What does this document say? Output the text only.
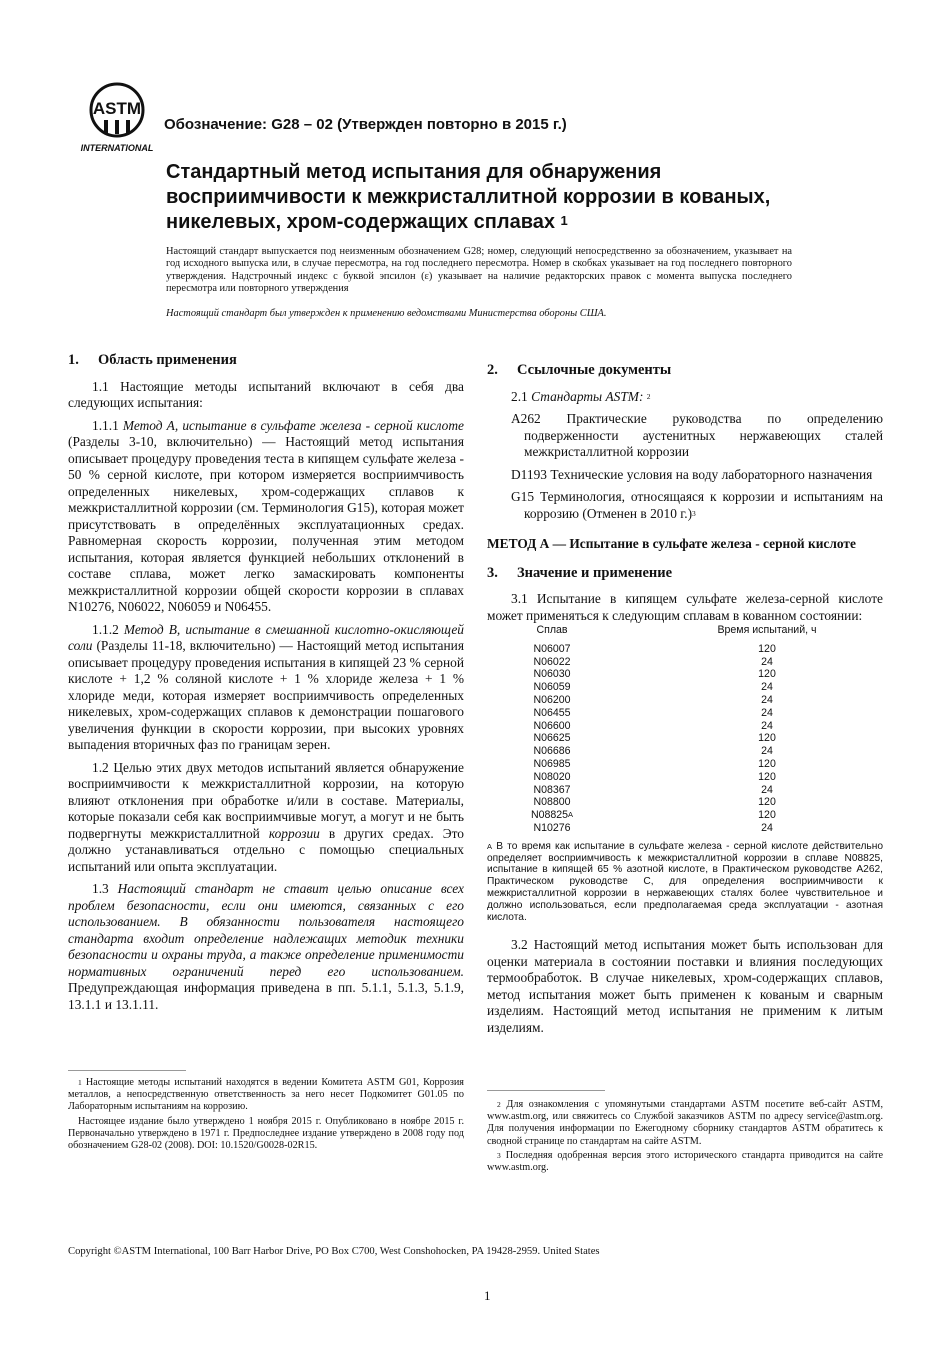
ASTM
INTERNATIONAL
Обозначение: G28 – 02 (Утвержден повторно в 2015 г.)
Стандартный метод испытания для обнаружения восприимчивости к межкристаллитной коррозии в кованых, никелевых, хром-содержащих сплавах $^1$
Настоящий стандарт выпускается под неизменным обозначением G28; номер, следующий непосредственно за обозначением, указывает на год исходного выпуска или, в случае пересмотра, на год последнего пересмотра. Номер в скобках указывает на год последнего повторного утверждения. Надстрочный индекс с буквой эпсилон (ε) указывает на наличие редакторских правок с момента выпуска последнего пересмотра или повторного утверждения
Настоящий стандарт был утвержден к применению ведомствами Министерства обороны США.
1. Область применения

1.1 Настоящие методы испытаний включают в себя два следующих испытания:

1.1.1 Метод А, испытание в сульфате железа - серной кислоте (Разделы 3-10, включительно) — Настоящий метод испытания описывает процедуру проведения теста в кипящем сульфате железа - 50 % серной кислоте, при котором измеряется восприимчивость определенных никелевых, хром-содержащих сплавов к межкристаллитной коррозии (см. Терминология G15), которая может присутствовать в определённых эксплуатационных средах. Равномерная скорость коррозии, полученная этим методом испытания, которая является функцией небольших отклонений в составе сплава, может легко замаскировать компоненты межкристаллитной коррозии общей скорости коррозии в сплавах N10276, N06022, N06059 и N06455.

1.1.2 Метод В, испытание в смешанной кислотно-окисляющей соли (Разделы 11-18, включительно) — Настоящий метод испытания описывает процедуру проведения испытания в кипящей 23 % серной кислоте + 1,2 % соляной кислоте + 1 % хлориде железа + 1 % хлориде меди, которая измеряет восприимчивость определенных никелевых, хром-содержащих сплавов к демонстрации пошагового увеличения функции в скорости коррозии, при высоких уровнях выпадения вторичных фаз по границам зерен.

1.2 Целью этих двух методов испытаний является обнаружение восприимчивости к межкристаллитной коррозии, на которую влияют отклонения при обработке и/или в составе. Материалы, которые показали себя как восприимчивые могут, а могут и не быть подвергнуты межкристаллитной коррозии в других средах. Это должно устанавливаться отдельно с помощью специальных испытаний или опыта эксплуатации.

1.3 Настоящий стандарт не ставит целью описание всех проблем безопасности, если они имеются, связанных с его использованием. В обязанности пользователя настоящего стандарта входит определение надлежащих методик техники безопасности и охраны труда, а также определение применимости нормативных ограничений перед его использованием. Предупреждающая информация приведена в пп. 5.1.1, 5.1.3, 5.1.9, 13.1.1 и 13.1.11.

$^1$ Настоящие методы испытаний находятся в ведении Комитета ASTM G01, Коррозия металлов, а непосредственную ответственность за него несет Подкомитет G01.05 по Лабораторным испытаниям на коррозию.

Настоящее издание было утверждено 1 ноября 2015 г. Опубликовано в ноябре 2015 г. Первоначально утверждено в 1971 г. Предпоследнее издание утверждено в 2008 году под обозначением G28-02 (2008). DOI: 10.1520/G0028-02R15.

2. Ссылочные документы

2.1 Стандарты ASTM: $^2$

A262 Практические руководства по определению подверженности аустенитных нержавеющих сталей межкристаллитной коррозии

D1193 Технические условия на воду лабораторного назначения

G15 Терминология, относящаяся к коррозии и испытаниям на коррозию (Отменен в 2010 г.)$^3$

МЕТОД А — Испытание в сульфате железа - серной кислоте
3. Значение и применение

3.1 Испытание в кипящем сульфате железа-серной кислоте может применяться к следующим сплавам в кованном состоянии:

Сплав	Время испытаний, ч
N06007	120
N06022	24
N06030	120
N06059	24
N06200	24
N06455	24
N06600	24
N06625	120
N06686	24
N06985	120
N08020	120
N08367	24
N08800	120
$N08825^A$	120
N10276	24
$^A$ В то время как испытание в сульфате железа - серной кислоте действительно определяет восприимчивость к межкристаллитной коррозии в сплаве N08825, испытание в кипящей 65 % азотной кислоте, в Практическом руководстве A262, Практическом руководстве C, для определения восприимчивости к межкристаллитной коррозии в нержавеющих сталях более чувствительное и должно использоваться, если предполагаемая среда эксплуатации - азотная кислота.

3.2 Настоящий метод испытания может быть использован для оценки материала в состоянии поставки и влияния последующих термообработок. В случае никелевых, хром-содержащих сплавов, метод испытания может быть применен к кованым и сварным изделиям. Настоящий метод испытания не применим к литым изделиям.

$^2$ Для ознакомления с упомянутыми стандартами ASTM посетите веб-сайт ASTM, www.astm.org, или свяжитесь со Службой заказчиков ASTM по адресу service@astm.org. Для получения информации по Ежегодному сборнику стандартов ASTM обратитесь к сводной странице по стандартам на сайте ASTM.

$^3$ Последняя одобренная версия этого исторического стандарта приводится на сайте www.astm.org.

Copyright ©ASTM International, 100 Barr Harbor Drive, PO Box C700, West Conshohocken, PA 19428-2959. United States
1
